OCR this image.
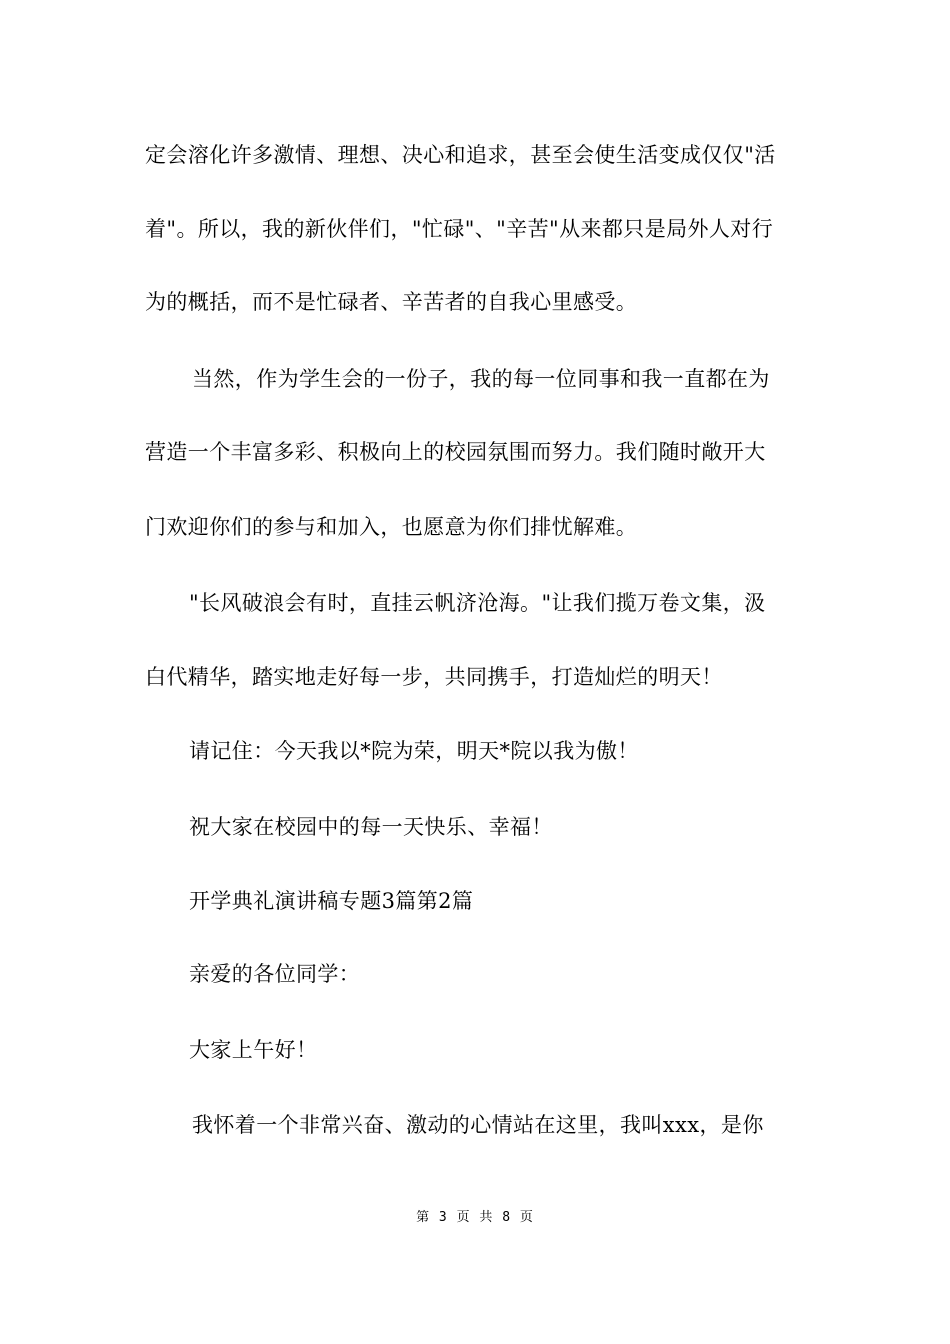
定会溶化许多激情、理想、决心和追求，甚至会使生活变成仅仅"活
着"。所以，我的新伙伴们，"忙碌"、"辛苦"从来都只是局外人对行
为的概括，而不是忙碌者、辛苦者的自我心里感受。
当然，作为学生会的一份子，我的每一位同事和我一直都在为
营造一个丰富多彩、积极向上的校园氛围而努力。我们随时敞开大
门欢迎你们的参与和加入，也愿意为你们排忧解难。
"长风破浪会有时，直挂云帆济沧海。"让我们揽万卷文集，汲
白代精华，踏实地走好每一步，共同携手，打造灿烂的明天！
请记住：今天我以*院为荣，明天*院以我为傲！
祝大家在校园中的每一天快乐、幸福！
开学典礼演讲稿专题3篇第2篇
亲爱的各位同学：
大家上午好！
我怀着一个非常兴奋、激动的心情站在这里，我叫xxx，是你
第 3 页 共 8 页
